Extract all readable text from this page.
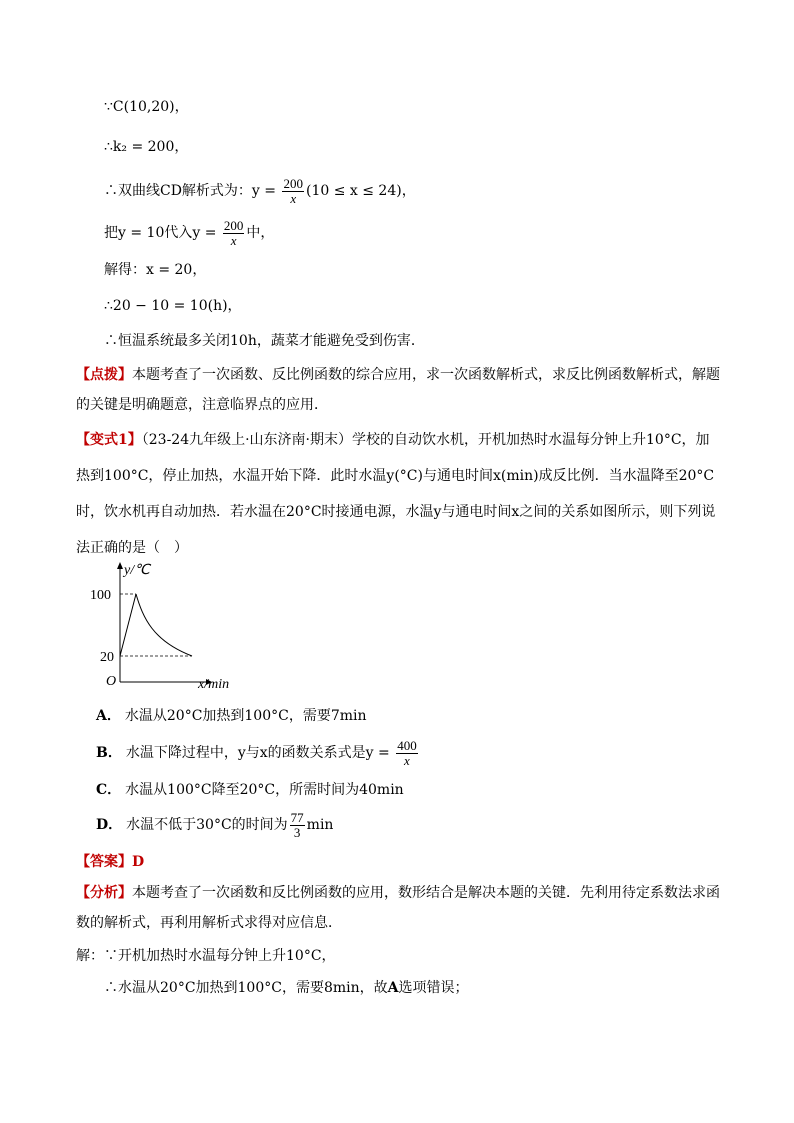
∵C(10,20)，
∴k₂ = 200，
∴双曲线CD解析式为：$y = \frac{200}{x} (10 \le x \le 24)$，
把y = 10代入$y = \frac{200}{x}$ 中，
解得：x = 20，
∴20 − 10 = 10(h)，
∴恒温系统最多关闭10h，蔬菜才能避免受到伤害．
【点拨】本题考查了一次函数、反比例函数的综合应用，求一次函数解析式，求反比例函数解析式，解题的关键是明确题意，注意临界点的应用．
【变式1】（23-24九年级上·山东济南·期末）学校的自动饮水机，开机加热时水温每分钟上升10°C，加热到100°C，停止加热，水温开始下降．此时水温y(°C)与通电时间x(min)成反比例．当水温降至20°C时，饮水机再自动加热．若水温在20°C时接通电源，水温y与通电时间x之间的关系如图所示，则下列说法正确的是（　）
y/℃
100
20
O	x/min
A． 水温从20°C加热到100°C，需要7min
B． 水温下降过程中，y与x的函数关系式是$y = \frac{400}{x}$
C． 水温从100°C降至20°C，所需时间为40min
D． 水温不低于30°C的时间为 $\frac{77}{3}$ min
【答案】D
【分析】本题考查了一次函数和反比例函数的应用，数形结合是解决本题的关键．先利用待定系数法求函数的解析式，再利用解析式求得对应信息．
解：∵开机加热时水温每分钟上升10°C，
∴水温从20°C加热到100°C，需要8min，故A选项错误；
